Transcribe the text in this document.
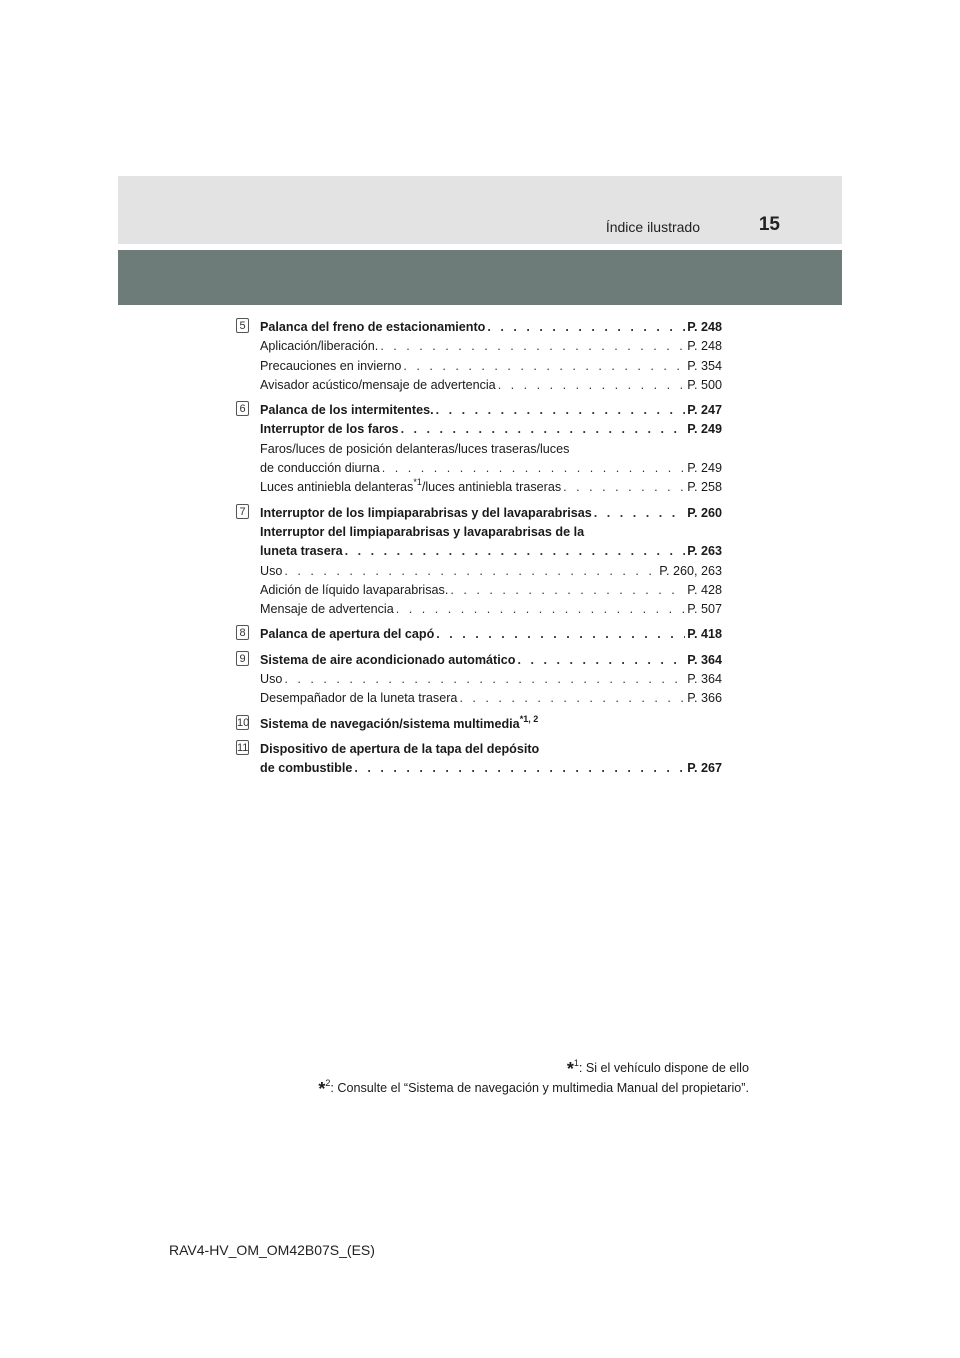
Índice ilustrado	15
5 Palanca del freno de estacionamiento . . .	P. 248
Aplicación/liberación. . . .	P. 248
Precauciones en invierno . . .	P. 354
Avisador acústico/mensaje de advertencia . . .	P. 500
6 Palanca de los intermitentes. . . .	P. 247
Interruptor de los faros . . .	P. 249
Faros/luces de posición delanteras/luces traseras/luces
de conducción diurna . . .	P. 249
Luces antiniebla delanteras$^{*1}$/luces antiniebla traseras . . .	P. 258
7 Interruptor de los limpiaparabrisas y del lavaparabrisas . . .	P. 260
Interruptor del limpiaparabrisas y lavaparabrisas de la
luneta trasera . . .	P. 263
Uso . . .	P. 260, 263
Adición de líquido lavaparabrisas. . . .	P. 428
Mensaje de advertencia . . .	P. 507
8 Palanca de apertura del capó . . .	P. 418
9 Sistema de aire acondicionado automático . . .	P. 364
Uso . . .	P. 364
Desempañador de la luneta trasera . . .	P. 366
10 Sistema de navegación/sistema multimedia$^{*1, 2}$
11 Dispositivo de apertura de la tapa del depósito
de combustible . . .	P. 267
*$^1$: Si el vehículo dispone de ello
*$^2$: Consulte el “Sistema de navegación y multimedia Manual del propietario”.
RAV4-HV_OM_OM42B07S_(ES)
